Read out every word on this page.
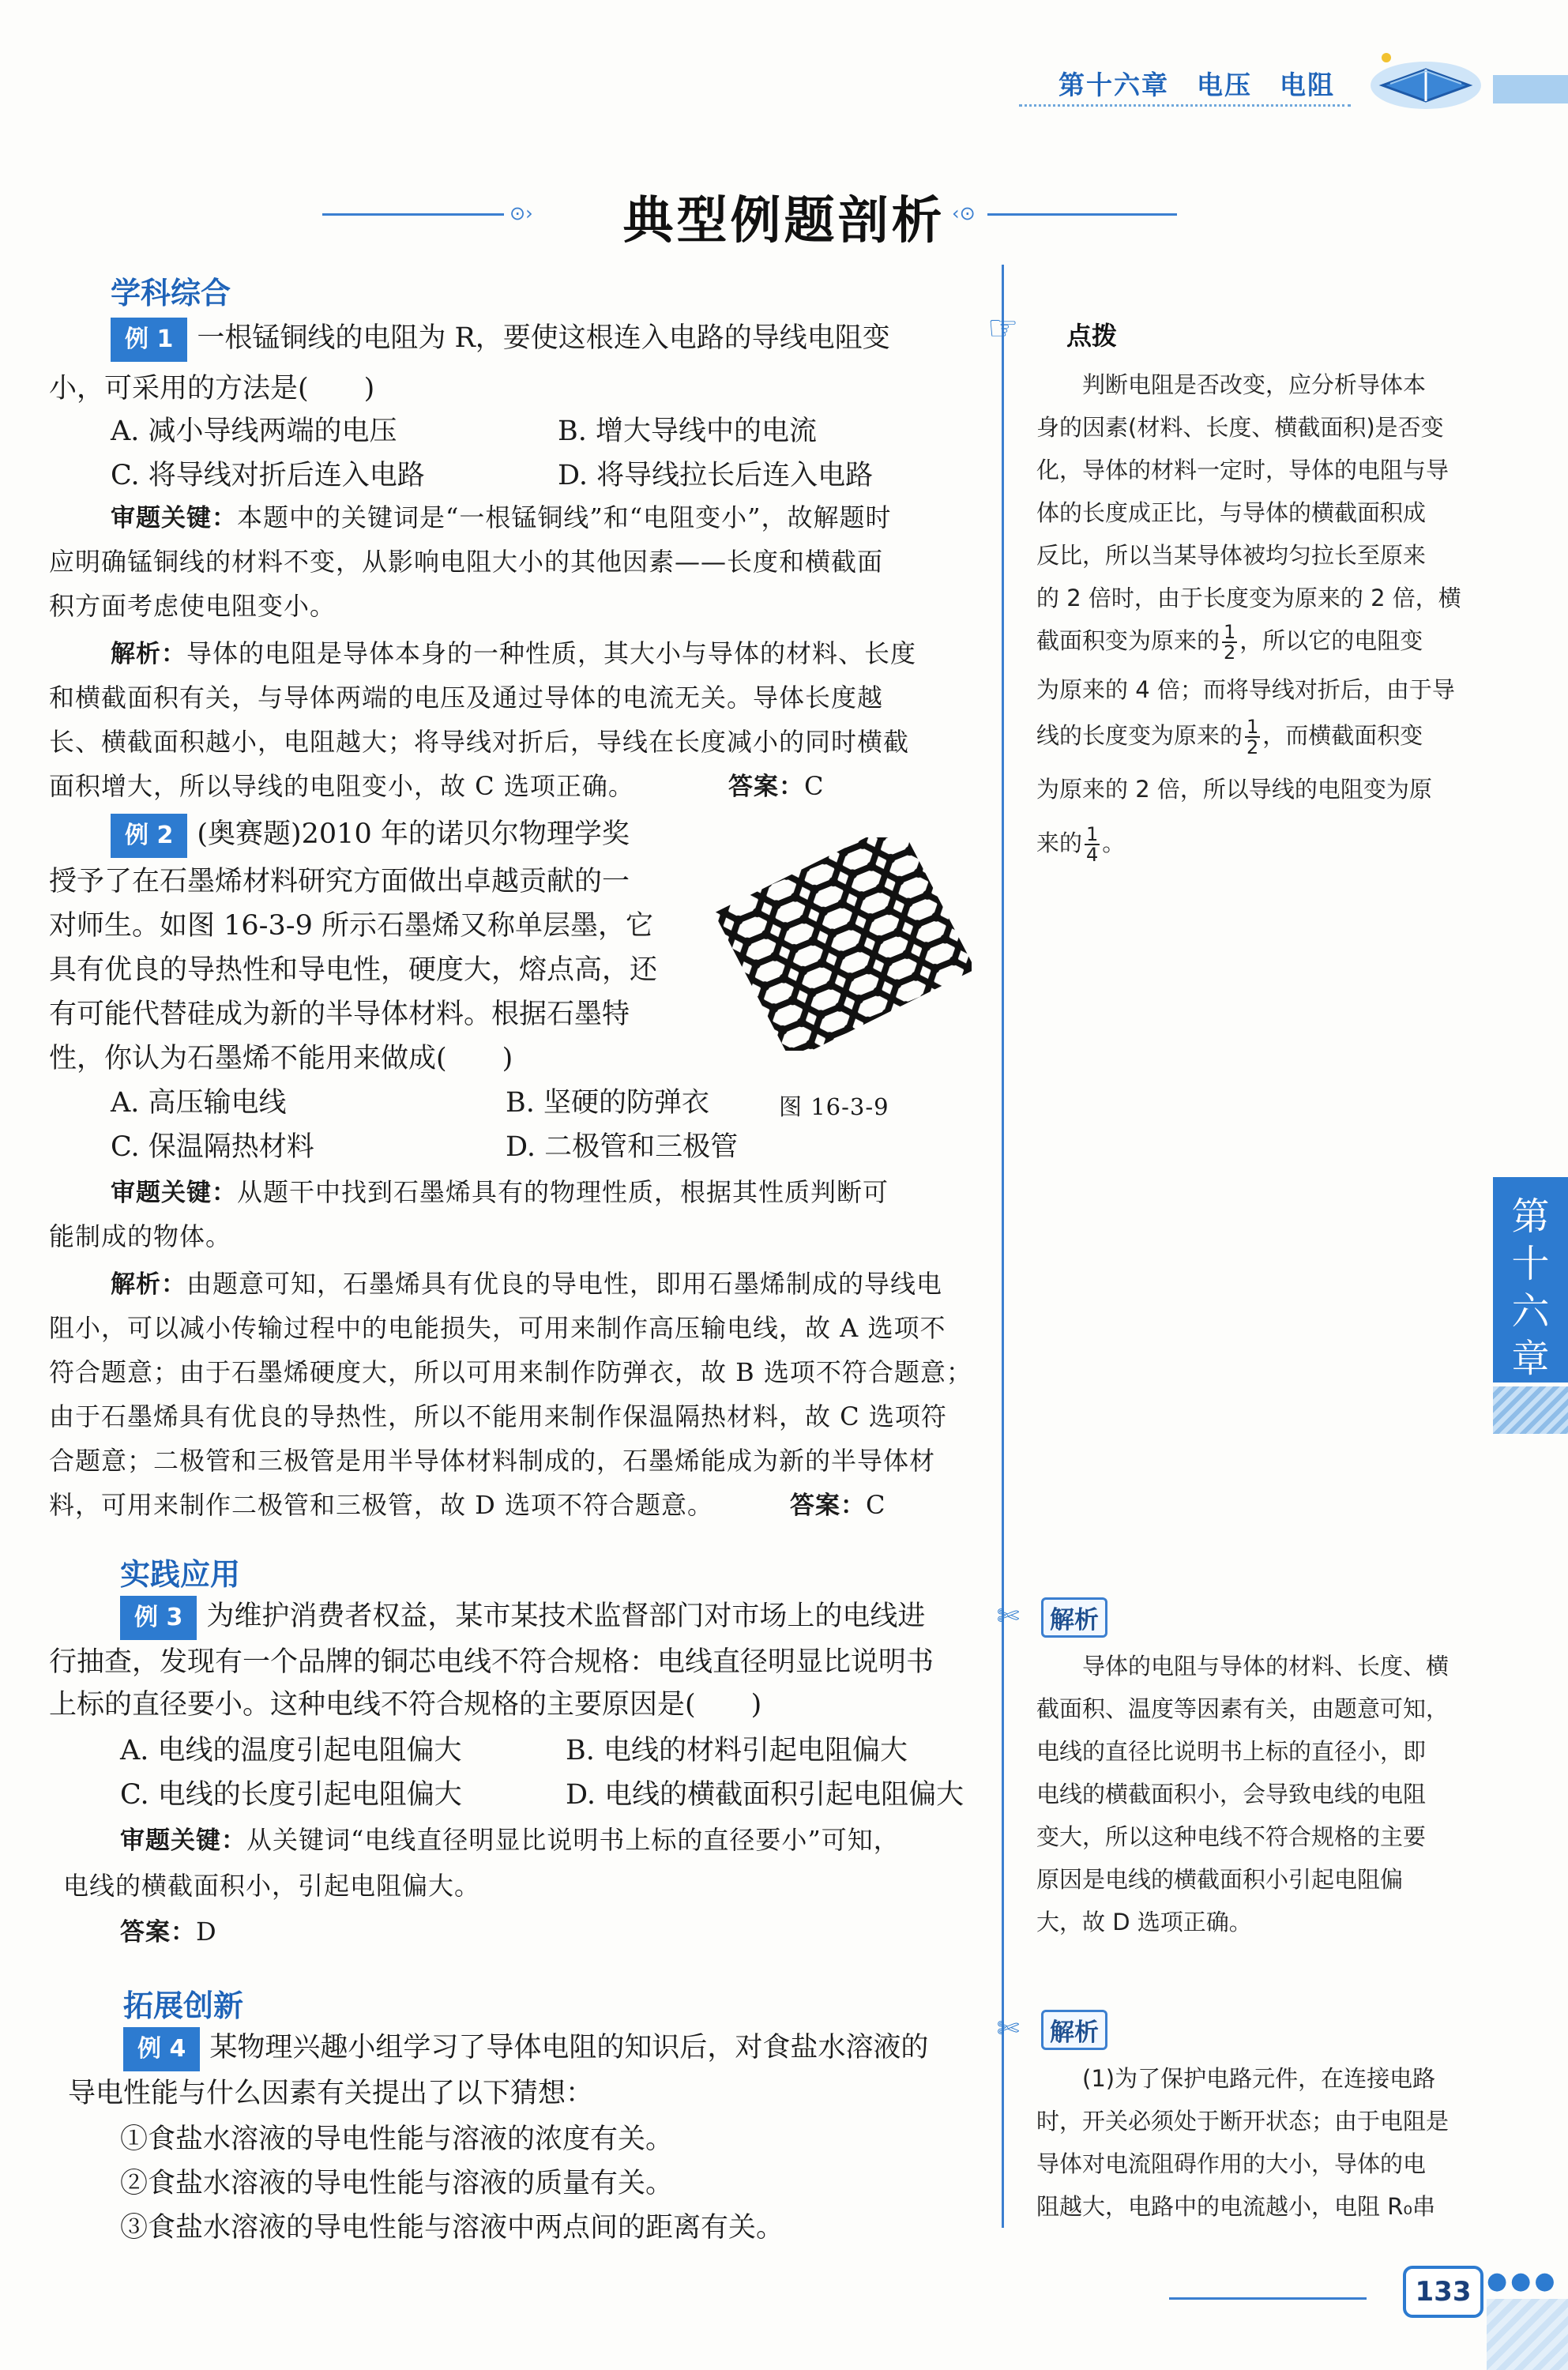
第十六章　电压　电阻
⊙›	典型例题剖析 ‹⊙
学科综合
例 1 一根锰铜线的电阻为 R，要使这根连入电路的导线电阻变
小，可采用的方法是(　　)
A. 减小导线两端的电压	B. 增大导线中的电流
C. 将导线对折后连入电路	D. 将导线拉长后连入电路
审题关键：本题中的关键词是“一根锰铜线”和“电阻变小”，故解题时
应明确锰铜线的材料不变，从影响电阻大小的其他因素——长度和横截面
积方面考虑使电阻变小。
解析：导体的电阻是导体本身的一种性质，其大小与导体的材料、长度
和横截面积有关，与导体两端的电压及通过导体的电流无关。导体长度越
长、横截面积越小，电阻越大；将导线对折后，导线在长度减小的同时横截
面积增大，所以导线的电阻变小，故 C 选项正确。	答案：C
例 2 (奥赛题)2010 年的诺贝尔物理学奖
授予了在石墨烯材料研究方面做出卓越贡献的一
对师生。如图 16-3-9 所示石墨烯又称单层墨，它
具有优良的导热性和导电性，硬度大，熔点高，还
有可能代替硅成为新的半导体材料。根据石墨特
性，你认为石墨烯不能用来做成(　　)
图 16-3-9
A. 高压输电线	B. 坚硬的防弹衣
C. 保温隔热材料	D. 二极管和三极管
审题关键：从题干中找到石墨烯具有的物理性质，根据其性质判断可
能制成的物体。
解析：由题意可知，石墨烯具有优良的导电性，即用石墨烯制成的导线电
阻小，可以减小传输过程中的电能损失，可用来制作高压输电线，故 A 选项不
符合题意；由于石墨烯硬度大，所以可用来制作防弹衣，故 B 选项不符合题意；
由于石墨烯具有优良的导热性，所以不能用来制作保温隔热材料，故 C 选项符
合题意；二极管和三极管是用半导体材料制成的，石墨烯能成为新的半导体材
料，可用来制作二极管和三极管，故 D 选项不符合题意。	答案：C
实践应用
例 3 为维护消费者权益，某市某技术监督部门对市场上的电线进
行抽查，发现有一个品牌的铜芯电线不符合规格：电线直径明显比说明书
上标的直径要小。这种电线不符合规格的主要原因是(　　)
A. 电线的温度引起电阻偏大	B. 电线的材料引起电阻偏大
C. 电线的长度引起电阻偏大	D. 电线的横截面积引起电阻偏大
审题关键：从关键词“电线直径明显比说明书上标的直径要小”可知，
电线的横截面积小，引起电阻偏大。
答案：D
拓展创新
例 4 某物理兴趣小组学习了导体电阻的知识后，对食盐水溶液的
导电性能与什么因素有关提出了以下猜想：
①食盐水溶液的导电性能与溶液的浓度有关。
②食盐水溶液的导电性能与溶液的质量有关。
③食盐水溶液的导电性能与溶液中两点间的距离有关。
☞ 点拨
　　判断电阻是否改变，应分析导体本
身的因素(材料、长度、横截面积)是否变
化，导体的材料一定时，导体的电阻与导
体的长度成正比，与导体的横截面积成
反比，所以当某导体被均匀拉长至原来
的 2 倍时，由于长度变为原来的 2 倍，横
截面积变为原来的 $\frac{1}{2}$ ，所以它的电阻变
为原来的 4 倍；而将导线对折后，由于导
线的长度变为原来的 $\frac{1}{2}$ ，而横截面积变
为原来的 2 倍，所以导线的电阻变为原
来的 $\frac{1}{4}$ 。
✄	解析
　　导体的电阻与导体的材料、长度、横
截面积、温度等因素有关，由题意可知，
电线的直径比说明书上标的直径小，即
电线的横截面积小，会导致电线的电阻
变大，所以这种电线不符合规格的主要
原因是电线的横截面积小引起电阻偏
大，故 D 选项正确。
✄	解析
　　(1)为了保护电路元件，在连接电路
时，开关必须处于断开状态；由于电阻是
导体对电流阻碍作用的大小，导体的电
阻越大，电路中的电流越小，电阻 R₀串
第
十
六
章
133 ●●●
